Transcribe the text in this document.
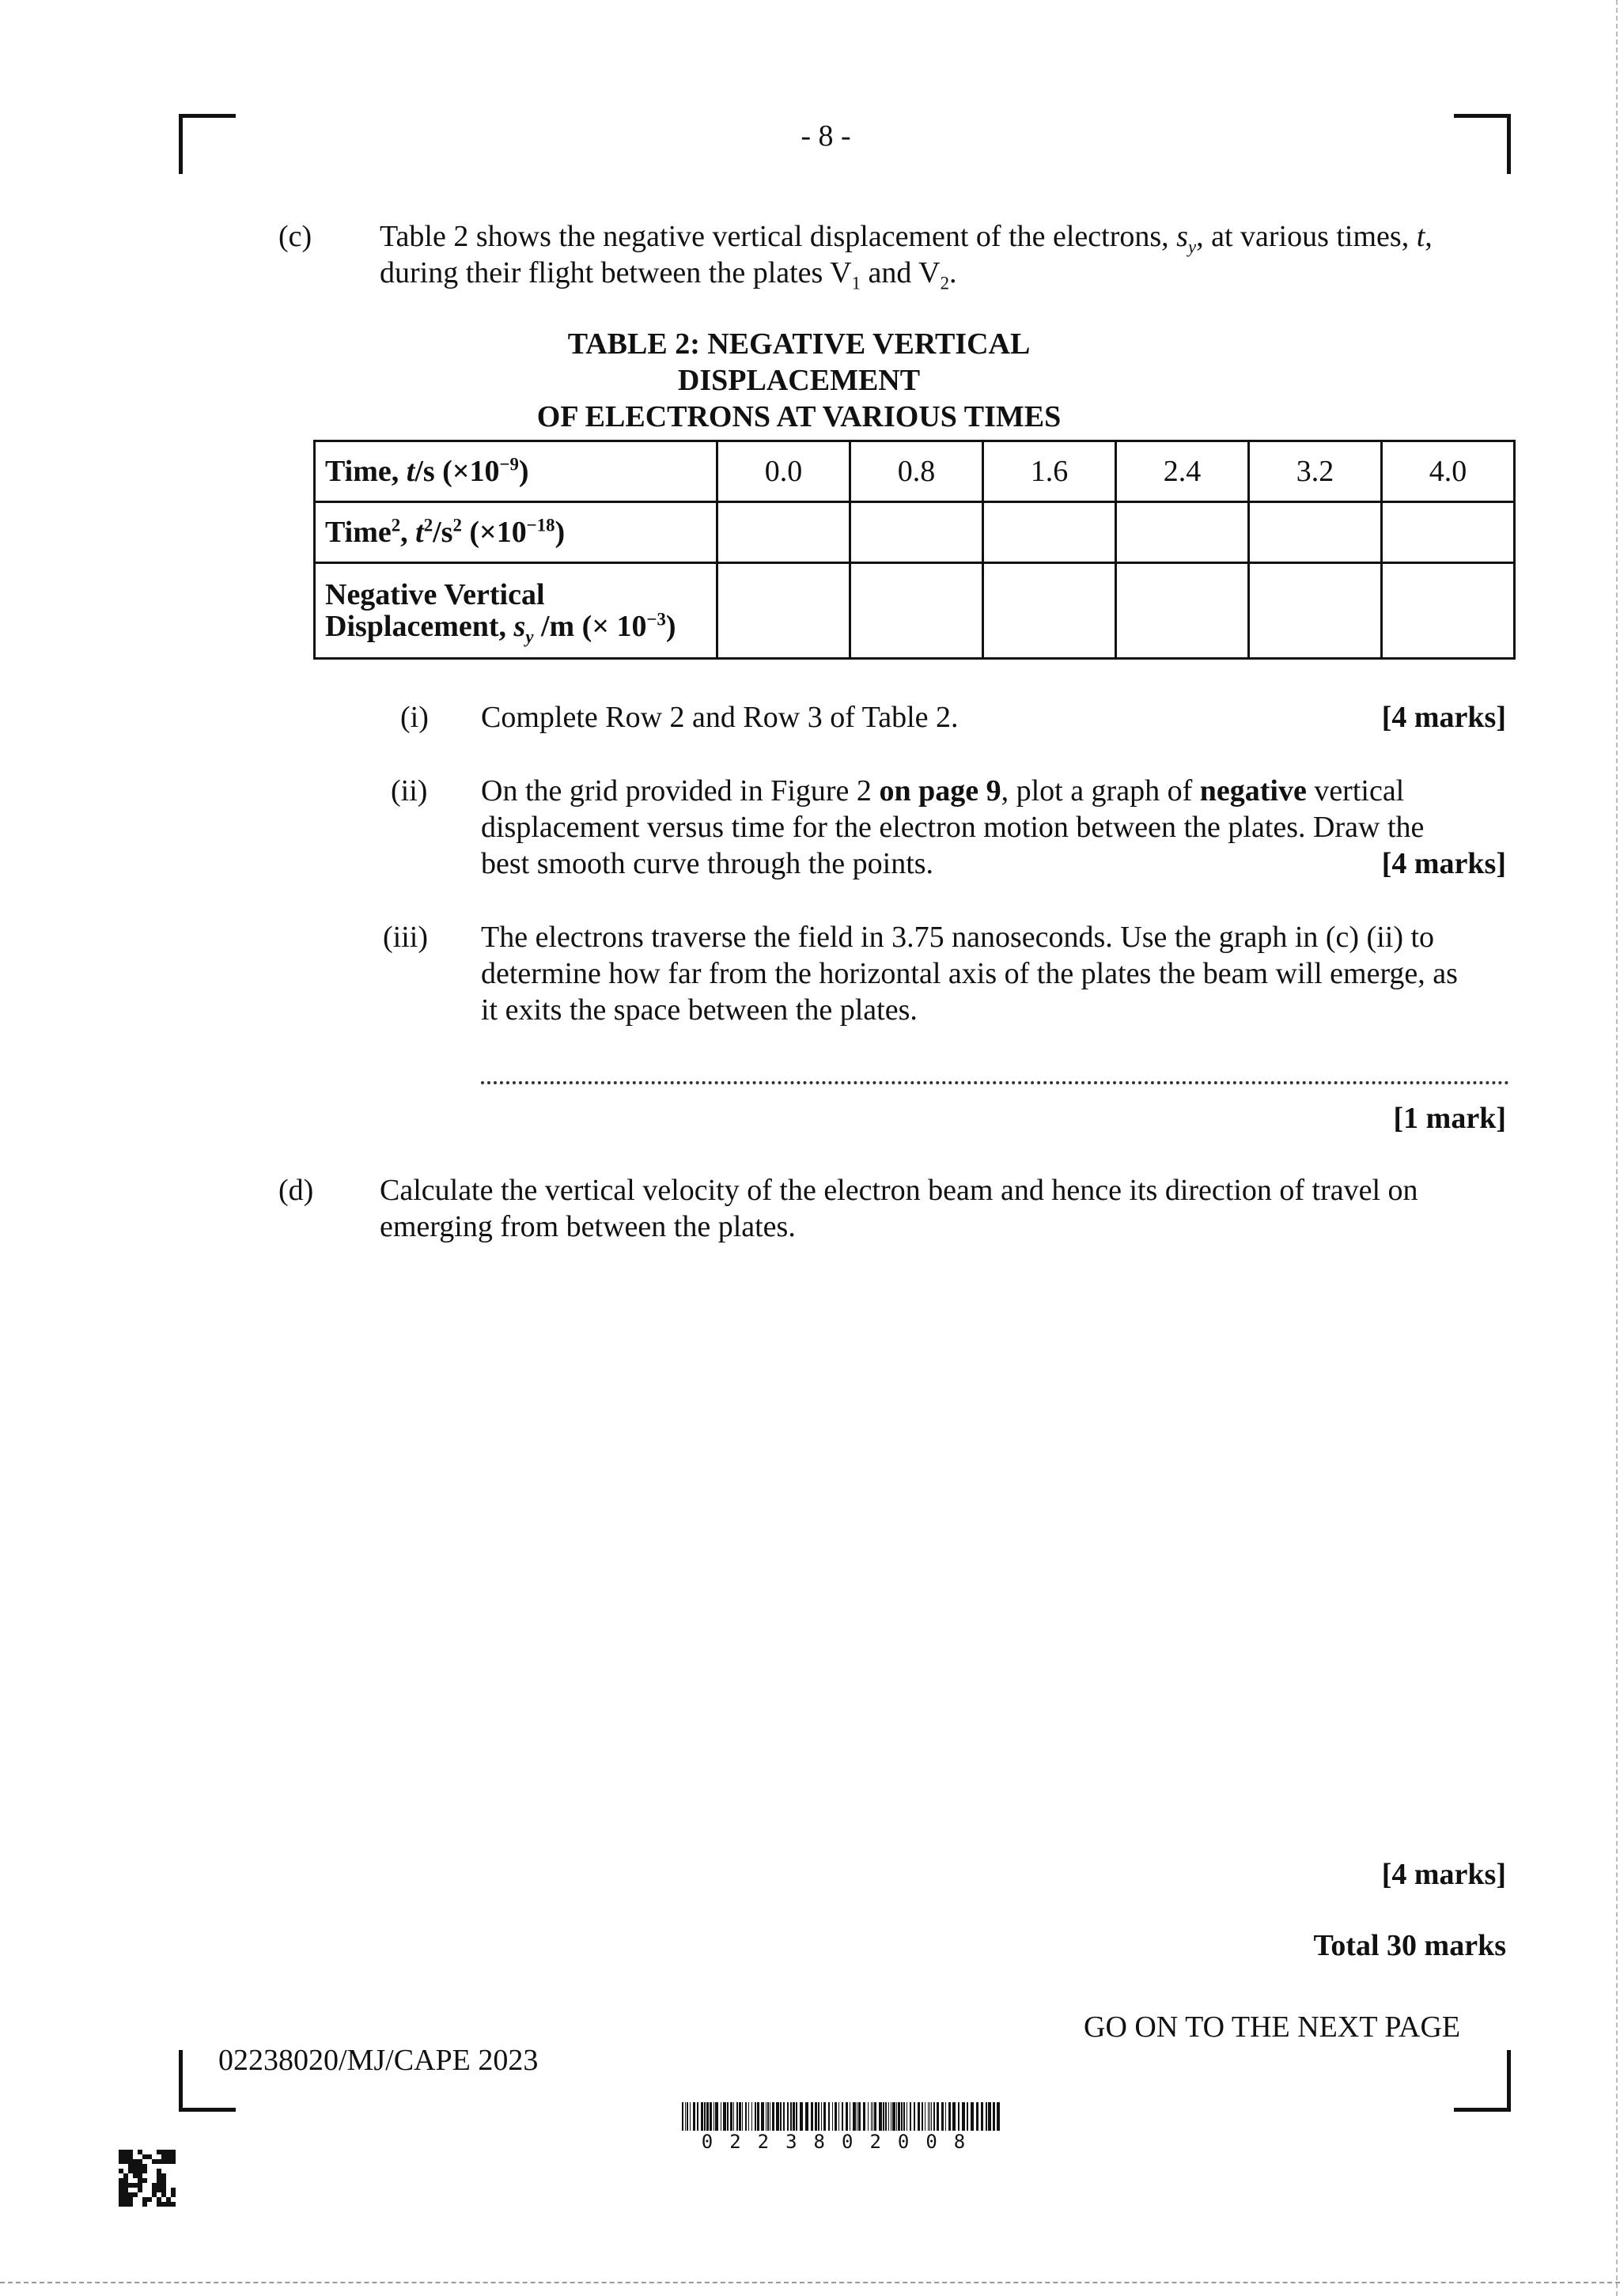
- 8 -
(c) Table 2 shows the negative vertical displacement of the electrons, $s_y$, at various times, t,
during their flight between the plates $V_1$ and $V_2$.
TABLE 2: NEGATIVE VERTICAL DISPLACEMENT
OF ELECTRONS AT VARIOUS TIMES
Time, t/s $(\times 10^{-9})$	0.0	0.8	1.6	2.4	3.2	4.0
Time$^2$, $t^2/s^2$ $(\times 10^{-18})$						

Negative Vertical
Displacement, $s_y$ /m (× $10^{-3}$)						

(i) Complete Row 2 and Row 3 of Table 2.	[4 marks]
(ii) On the grid provided in Figure 2 on page 9, plot a graph of negative vertical
displacement versus time for the electron motion between the plates. Draw the
best smooth curve through the points.	[4 marks]
(iii) The electrons traverse the field in 3.75 nanoseconds. Use the graph in (c) (ii) to
determine how far from the horizontal axis of the plates the beam will emerge, as
it exits the space between the plates.
[1 mark]
(d) Calculate the vertical velocity of the electron beam and hence its direction of travel on
emerging from between the plates.
[4 marks]
Total 30 marks
GO ON TO THE NEXT PAGE
02238020/MJ/CAPE 2023
0223802008
